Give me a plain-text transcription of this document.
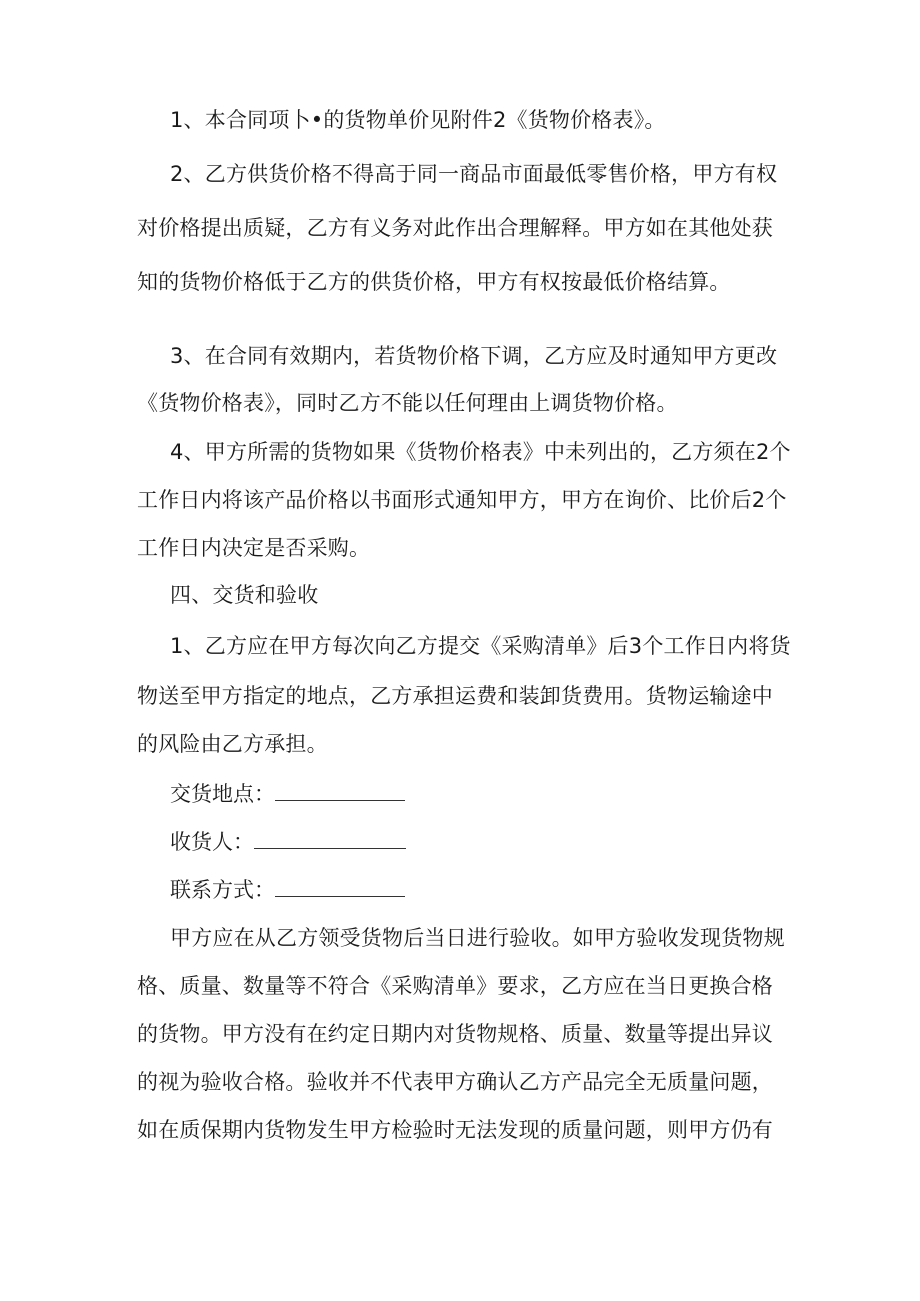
1、本合同项卜•的货物单价见附件2《货物价格表》。
2、乙方供货价格不得高于同一商品市面最低零售价格，甲方有权
对价格提出质疑，乙方有义务对此作出合理解释。甲方如在其他处获
知的货物价格低于乙方的供货价格，甲方有权按最低价格结算。
3、在合同有效期内，若货物价格下调，乙方应及时通知甲方更改
《货物价格表》，同时乙方不能以任何理由上调货物价格。
4、甲方所需的货物如果《货物价格表》中未列出的，乙方须在2个
工作日内将该产品价格以书面形式通知甲方，甲方在询价、比价后2个
工作日内决定是否采购。
四、交货和验收
1、乙方应在甲方每次向乙方提交《采购清单》后3个工作日内将货
物送至甲方指定的地点，乙方承担运费和装卸货费用。货物运输途中
的风险由乙方承担。
交货地点：
收货人：
联系方式：
甲方应在从乙方领受货物后当日进行验收。如甲方验收发现货物规
格、质量、数量等不符合《采购清单》要求，乙方应在当日更换合格
的货物。甲方没有在约定日期内对货物规格、质量、数量等提出异议
的视为验收合格。验收并不代表甲方确认乙方产品完全无质量问题，
如在质保期内货物发生甲方检验时无法发现的质量问题，则甲方仍有
